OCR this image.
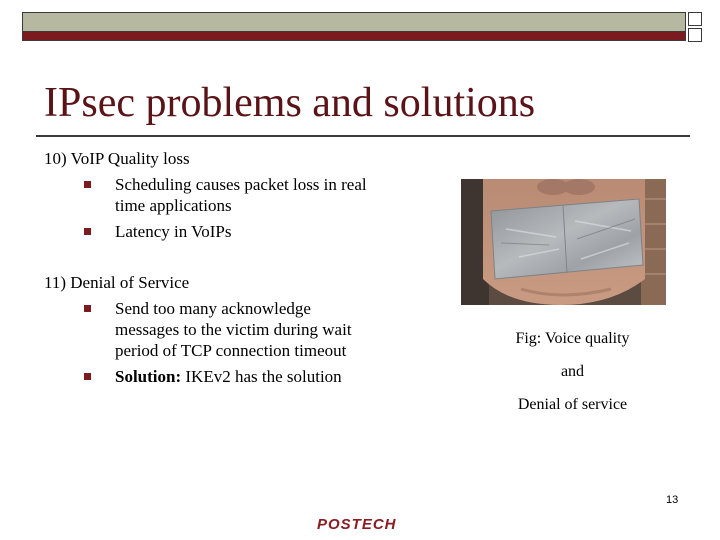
IPsec problems and solutions

10) VoIP Quality loss

Scheduling causes packet loss in real time applications
Latency in VoIPs

11) Denial of Service

Send too many acknowledge messages to the victim during wait period of TCP connection timeout
Solution: IKEv2 has the solution

Fig: Voice quality

and

Denial of service

13
POSTECH
